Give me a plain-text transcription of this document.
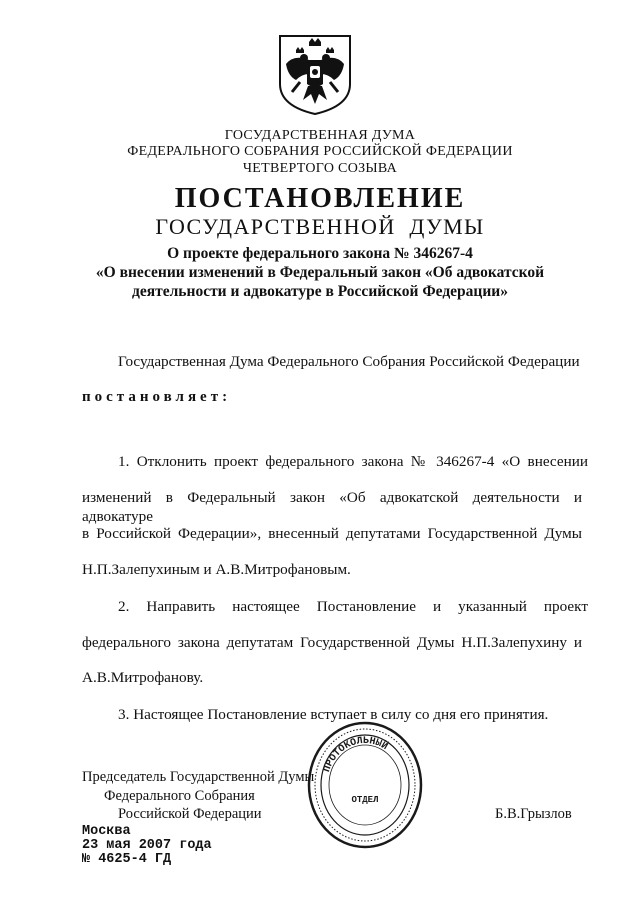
ГОСУДАРСТВЕННАЯ ДУМА
ФЕДЕРАЛЬНОГО СОБРАНИЯ РОССИЙСКОЙ ФЕДЕРАЦИИ
ЧЕТВЕРТОГО СОЗЫВА
ПОСТАНОВЛЕНИЕ
ГОСУДАРСТВЕННОЙ  ДУМЫ
О проекте федерального закона № 346267-4
«О внесении изменений в Федеральный закон «Об адвокатской
деятельности и адвокатуре в Российской Федерации»
Государственная Дума Федерального Собрания Российской Федерации
постановляет:
1. Отклонить проект федерального закона № 346267-4 «О внесении
изменений в Федеральный закон «Об адвокатской деятельности и адвокатуре
в Российской Федерации», внесенный депутатами Государственной Думы
Н.П.Залепухиным и А.В.Митрофановым.
2. Направить настоящее Постановление и указанный проект
федерального закона депутатам Государственной Думы Н.П.Залепухину и
А.В.Митрофанову.
3. Настоящее Постановление вступает в силу со дня его принятия.
ПРОТОКОЛЬНЫЙ
ОТДЕЛ
Председатель Государственной Думы
Федерального Собрания
Российской Федерации	Б.В.Грызлов
Москва
23 мая 2007 года
№ 4625-4 ГД
